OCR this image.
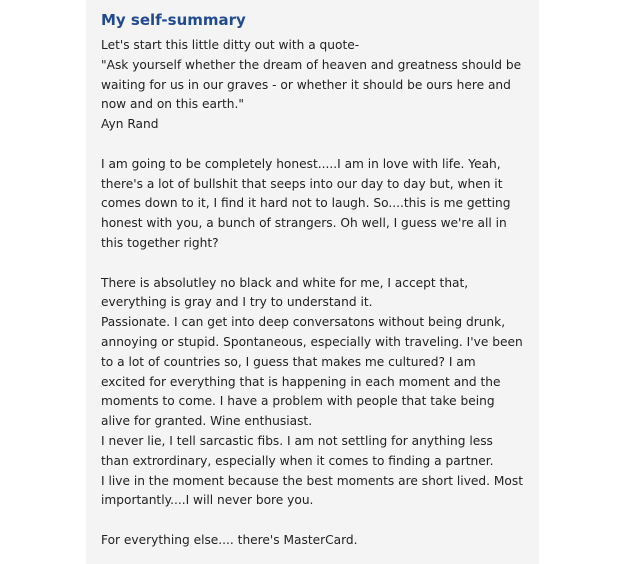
My self-summary
Let's start this little ditty out with a quote-
"Ask yourself whether the dream of heaven and greatness should be
waiting for us in our graves - or whether it should be ours here and
now and on this earth."
Ayn Rand
I am going to be completely honest.....I am in love with life. Yeah,
there's a lot of bullshit that seeps into our day to day but, when it
comes down to it, I find it hard not to laugh. So....this is me getting
honest with you, a bunch of strangers. Oh well, I guess we're all in
this together right?
There is absolutley no black and white for me, I accept that,
everything is gray and I try to understand it.
Passionate. I can get into deep conversatons without being drunk,
annoying or stupid. Spontaneous, especially with traveling. I've been
to a lot of countries so, I guess that makes me cultured? I am
excited for everything that is happening in each moment and the
moments to come. I have a problem with people that take being
alive for granted. Wine enthusiast.
I never lie, I tell sarcastic fibs. I am not settling for anything less
than extrordinary, especially when it comes to finding a partner.
I live in the moment because the best moments are short lived. Most
importantly....I will never bore you.
For everything else.... there's MasterCard.
